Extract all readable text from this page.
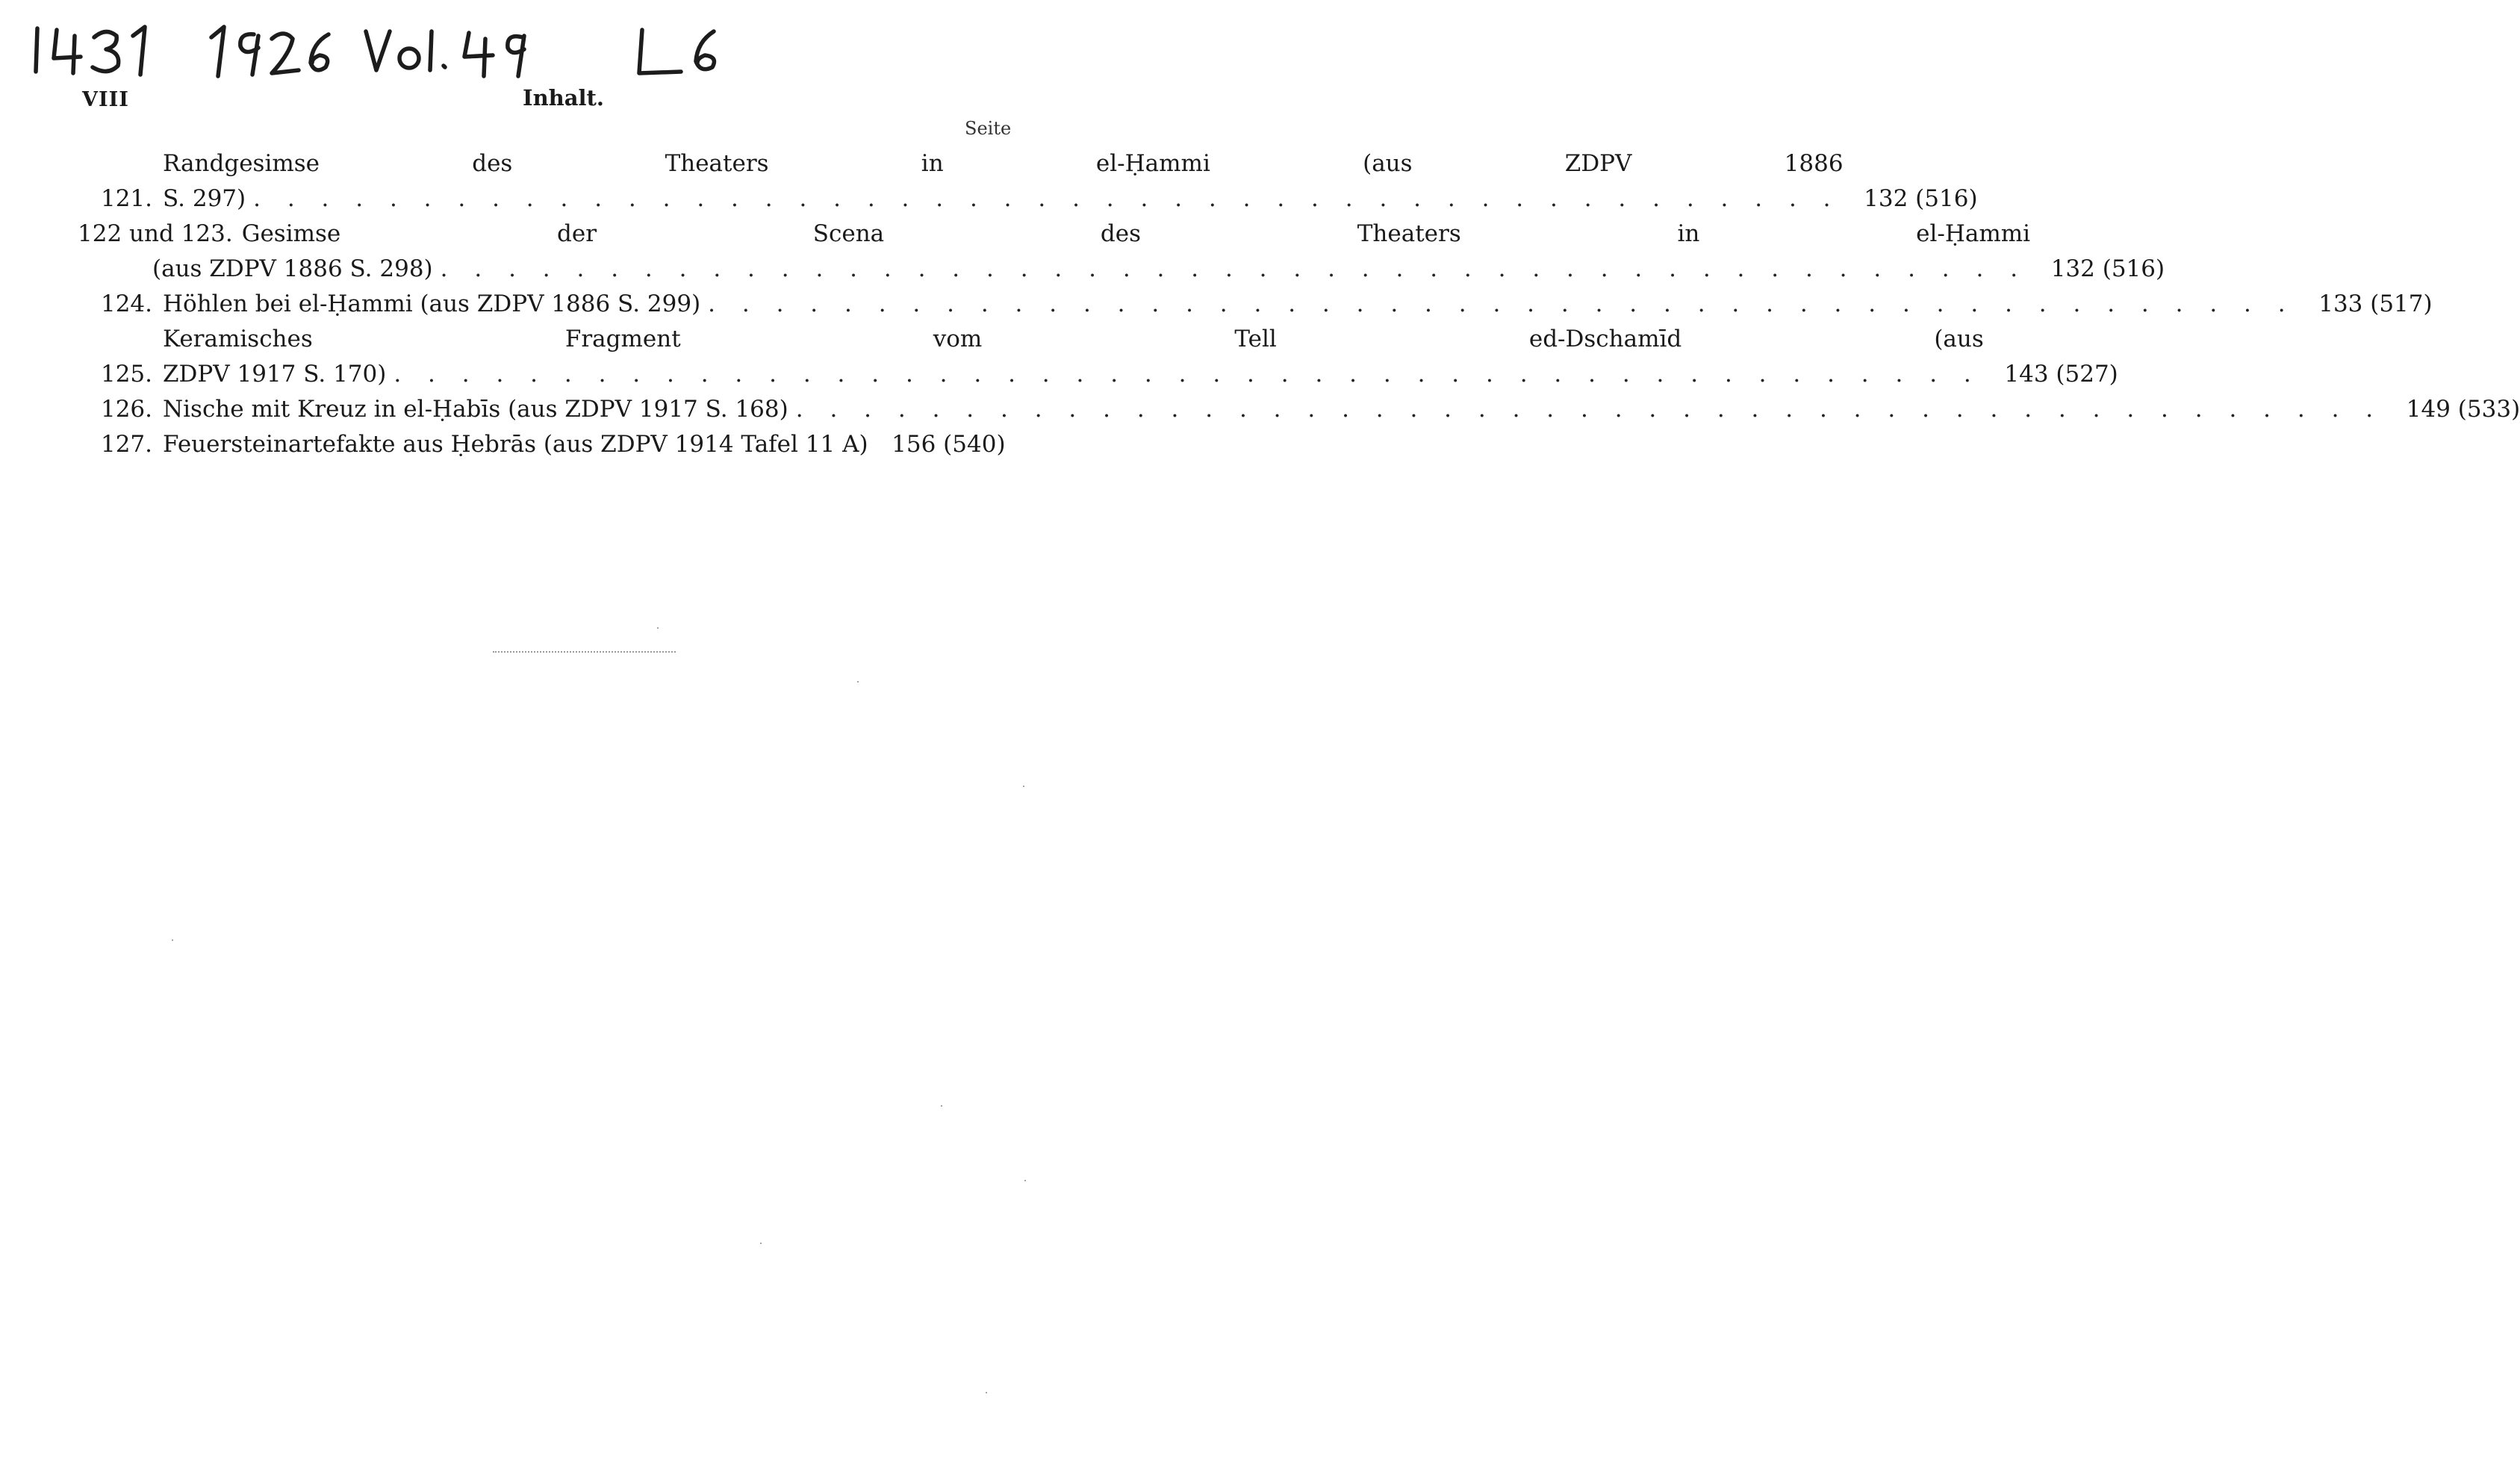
VIII	Inhalt.
Seite
121.
Randgesimse des Theaters in el-Ḥammi (aus ZDPV 1886
S. 297) . . .	132 (516)
122 und 123. Gesimse der Scena des Theaters in el-Ḥammi
(aus ZDPV 1886 S. 298) . . .	132 (516)
124. Höhlen bei el-Ḥammi (aus ZDPV 1886 S. 299) . . .	133 (517)
125.
Keramisches Fragment vom Tell ed-Dschamīd (aus
ZDPV 1917 S. 170) . . .	143 (527)
126. Nische mit Kreuz in el-Ḥabīs (aus ZDPV 1917 S. 168) . . .	149 (533)
127. Feuersteinartefakte aus Ḥebrās (aus ZDPV 1914 Tafel 11 A)	156 (540)
